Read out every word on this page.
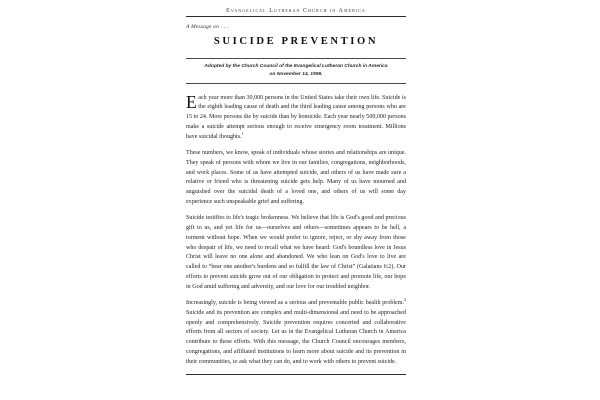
Evangelical Lutheran Church in America
A Message on . . .
SUICIDE PREVENTION

Adopted by the Church Council of the Evangelical Lutheran Church in America

on November 14, 1999.

Each year more than 30,000 persons in the United States take their own life. Suicide is the eighth leading cause of death and the third leading cause among persons who are 15 to 24. More persons die by suicide than by homicide. Each year nearly 500,000 persons make a suicide attempt serious enough to receive emergency room treatment. Millions have suicidal thoughts.$^1$

These numbers, we know, speak of individuals whose stories and relationships are unique. They speak of persons with whom we live in our families, congregations, neighborhoods, and work places. Some of us have attempted suicide, and others of us have made sure a relative or friend who is threatening suicide gets help. Many of us have mourned and anguished over the suicidal death of a loved one, and others of us will some day experience such unspeakable grief and suffering.

Suicide testifies to life's tragic brokenness. We believe that life is God's good and precious gift to us, and yet life for us—ourselves and others—sometimes appears to be hell, a torment without hope. When we would prefer to ignore, reject, or shy away from those who despair of life, we need to recall what we have heard: God's boundless love in Jesus Christ will leave no one alone and abandoned. We who lean on God's love to live are called to “bear one another's burdens and so fulfill the law of Christ” (Galatians 6:2). Our efforts to prevent suicide grow out of our obligation to protect and promote life, our hope in God amid suffering and adversity, and our love for our troubled neighbor.

Increasingly, suicide is being viewed as a serious and preventable public health problem.$^2$ Suicide and its prevention are complex and multi-dimensional and need to be approached openly and comprehensively. Suicide prevention requires concerted and collaborative efforts from all sectors of society. Let us in the Evangelical Lutheran Church in America contribute to these efforts. With this message, the Church Council encourages members, congregations, and affiliated institutions to learn more about suicide and its prevention in their communities, to ask what they can do, and to work with others to prevent suicide.
